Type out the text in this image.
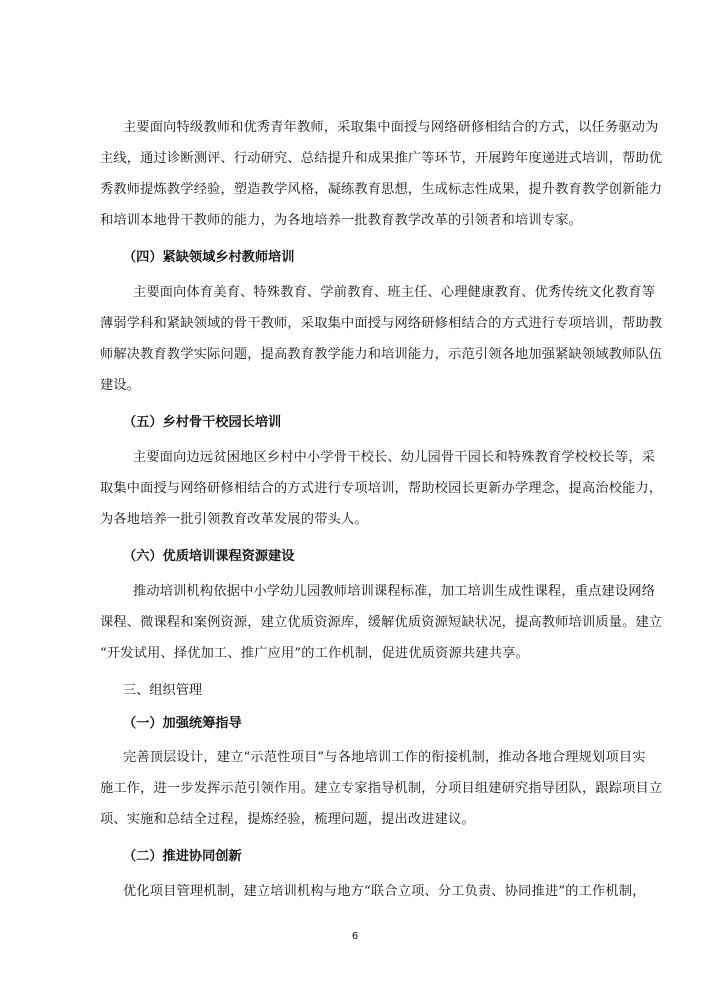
主要面向特级教师和优秀青年教师，采取集中面授与网络研修相结合的方式，以任务驱动为
主线，通过诊断测评、行动研究、总结提升和成果推广等环节，开展跨年度递进式培训，帮助优
秀教师提炼教学经验，塑造教学风格，凝练教育思想，生成标志性成果，提升教育教学创新能力
和培训本地骨干教师的能力，为各地培养一批教育教学改革的引领者和培训专家。
（四）紧缺领域乡村教师培训
主要面向体育美育、特殊教育、学前教育、班主任、心理健康教育、优秀传统文化教育等
薄弱学科和紧缺领域的骨干教师，采取集中面授与网络研修相结合的方式进行专项培训，帮助教
师解决教育教学实际问题，提高教育教学能力和培训能力，示范引领各地加强紧缺领域教师队伍
建设。
（五）乡村骨干校园长培训
主要面向边远贫困地区乡村中小学骨干校长、幼儿园骨干园长和特殊教育学校校长等，采
取集中面授与网络研修相结合的方式进行专项培训，帮助校园长更新办学理念，提高治校能力，
为各地培养一批引领教育改革发展的带头人。
（六）优质培训课程资源建设
推动培训机构依据中小学幼儿园教师培训课程标准，加工培训生成性课程，重点建设网络
课程、微课程和案例资源，建立优质资源库，缓解优质资源短缺状况，提高教师培训质量。建立
“开发试用、择优加工、推广应用”的工作机制，促进优质资源共建共享。
三、组织管理
（一）加强统筹指导
完善顶层设计，建立“示范性项目”与各地培训工作的衔接机制，推动各地合理规划项目实
施工作，进一步发挥示范引领作用。建立专家指导机制，分项目组建研究指导团队，跟踪项目立
项、实施和总结全过程，提炼经验，梳理问题，提出改进建议。
（二）推进协同创新
优化项目管理机制，建立培训机构与地方“联合立项、分工负责、协同推进”的工作机制，
6
